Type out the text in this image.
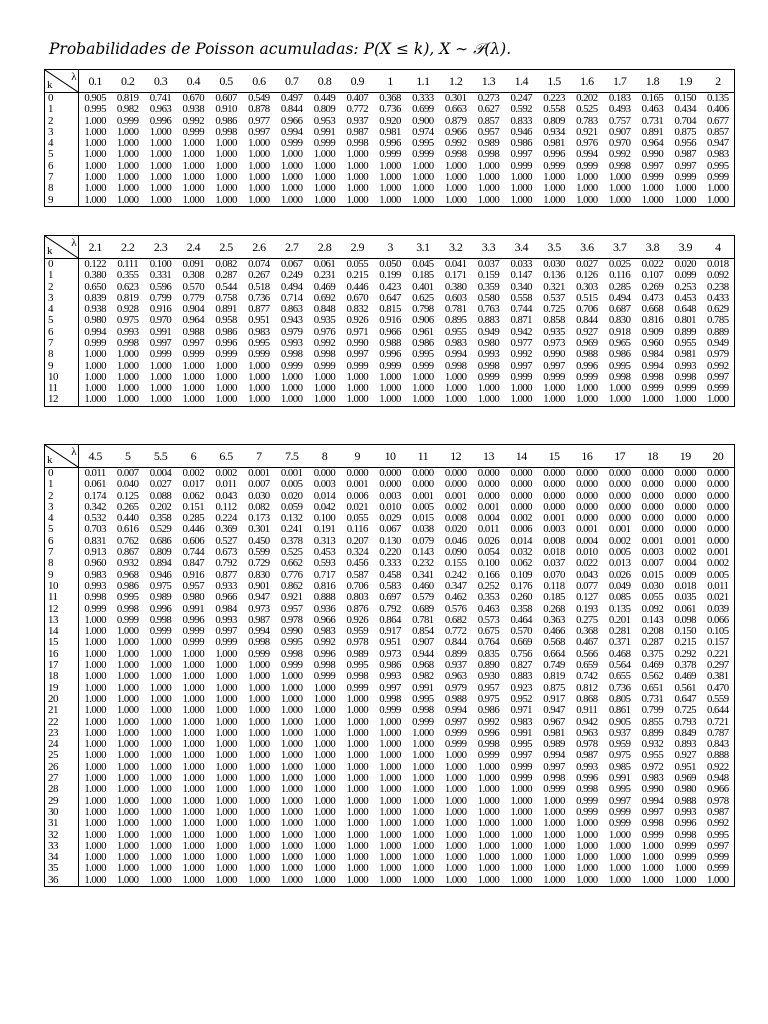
Probabilidades de Poisson acumuladas: P(X ≤ k), X ∼ 𝒫(λ).
k
λ	0.1	0.2	0.3	0.4	0.5	0.6	0.7	0.8	0.9	1	1.1	1.2	1.3	1.4	1.5	1.6	1.7	1.8	1.9	2
0	0.905	0.819	0.741	0.670	0.607	0.549	0.497	0.449	0.407	0.368	0.333	0.301	0.273	0.247	0.223	0.202	0.183	0.165	0.150	0.135
1	0.995	0.982	0.963	0.938	0.910	0.878	0.844	0.809	0.772	0.736	0.699	0.663	0.627	0.592	0.558	0.525	0.493	0.463	0.434	0.406
2	1.000	0.999	0.996	0.992	0.986	0.977	0.966	0.953	0.937	0.920	0.900	0.879	0.857	0.833	0.809	0.783	0.757	0.731	0.704	0.677
3	1.000	1.000	1.000	0.999	0.998	0.997	0.994	0.991	0.987	0.981	0.974	0.966	0.957	0.946	0.934	0.921	0.907	0.891	0.875	0.857
4	1.000	1.000	1.000	1.000	1.000	1.000	0.999	0.999	0.998	0.996	0.995	0.992	0.989	0.986	0.981	0.976	0.970	0.964	0.956	0.947
5	1.000	1.000	1.000	1.000	1.000	1.000	1.000	1.000	1.000	0.999	0.999	0.998	0.998	0.997	0.996	0.994	0.992	0.990	0.987	0.983
6	1.000	1.000	1.000	1.000	1.000	1.000	1.000	1.000	1.000	1.000	1.000	1.000	1.000	0.999	0.999	0.999	0.998	0.997	0.997	0.995
7	1.000	1.000	1.000	1.000	1.000	1.000	1.000	1.000	1.000	1.000	1.000	1.000	1.000	1.000	1.000	1.000	1.000	0.999	0.999	0.999
8	1.000	1.000	1.000	1.000	1.000	1.000	1.000	1.000	1.000	1.000	1.000	1.000	1.000	1.000	1.000	1.000	1.000	1.000	1.000	1.000
9	1.000	1.000	1.000	1.000	1.000	1.000	1.000	1.000	1.000	1.000	1.000	1.000	1.000	1.000	1.000	1.000	1.000	1.000	1.000	1.000
k
λ	2.1	2.2	2.3	2.4	2.5	2.6	2.7	2.8	2.9	3	3.1	3.2	3.3	3.4	3.5	3.6	3.7	3.8	3.9	4
0	0.122	0.111	0.100	0.091	0.082	0.074	0.067	0.061	0.055	0.050	0.045	0.041	0.037	0.033	0.030	0.027	0.025	0.022	0.020	0.018
1	0.380	0.355	0.331	0.308	0.287	0.267	0.249	0.231	0.215	0.199	0.185	0.171	0.159	0.147	0.136	0.126	0.116	0.107	0.099	0.092
2	0.650	0.623	0.596	0.570	0.544	0.518	0.494	0.469	0.446	0.423	0.401	0.380	0.359	0.340	0.321	0.303	0.285	0.269	0.253	0.238
3	0.839	0.819	0.799	0.779	0.758	0.736	0.714	0.692	0.670	0.647	0.625	0.603	0.580	0.558	0.537	0.515	0.494	0.473	0.453	0.433
4	0.938	0.928	0.916	0.904	0.891	0.877	0.863	0.848	0.832	0.815	0.798	0.781	0.763	0.744	0.725	0.706	0.687	0.668	0.648	0.629
5	0.980	0.975	0.970	0.964	0.958	0.951	0.943	0.935	0.926	0.916	0.906	0.895	0.883	0.871	0.858	0.844	0.830	0.816	0.801	0.785
6	0.994	0.993	0.991	0.988	0.986	0.983	0.979	0.976	0.971	0.966	0.961	0.955	0.949	0.942	0.935	0.927	0.918	0.909	0.899	0.889
7	0.999	0.998	0.997	0.997	0.996	0.995	0.993	0.992	0.990	0.988	0.986	0.983	0.980	0.977	0.973	0.969	0.965	0.960	0.955	0.949
8	1.000	1.000	0.999	0.999	0.999	0.999	0.998	0.998	0.997	0.996	0.995	0.994	0.993	0.992	0.990	0.988	0.986	0.984	0.981	0.979
9	1.000	1.000	1.000	1.000	1.000	1.000	0.999	0.999	0.999	0.999	0.999	0.998	0.998	0.997	0.997	0.996	0.995	0.994	0.993	0.992
10	1.000	1.000	1.000	1.000	1.000	1.000	1.000	1.000	1.000	1.000	1.000	1.000	0.999	0.999	0.999	0.999	0.998	0.998	0.998	0.997
11	1.000	1.000	1.000	1.000	1.000	1.000	1.000	1.000	1.000	1.000	1.000	1.000	1.000	1.000	1.000	1.000	1.000	0.999	0.999	0.999
12	1.000	1.000	1.000	1.000	1.000	1.000	1.000	1.000	1.000	1.000	1.000	1.000	1.000	1.000	1.000	1.000	1.000	1.000	1.000	1.000
k
λ	4.5	5	5.5	6	6.5	7	7.5	8	9	10	11	12	13	14	15	16	17	18	19	20
0	0.011	0.007	0.004	0.002	0.002	0.001	0.001	0.000	0.000	0.000	0.000	0.000	0.000	0.000	0.000	0.000	0.000	0.000	0.000	0.000
1	0.061	0.040	0.027	0.017	0.011	0.007	0.005	0.003	0.001	0.000	0.000	0.000	0.000	0.000	0.000	0.000	0.000	0.000	0.000	0.000
2	0.174	0.125	0.088	0.062	0.043	0.030	0.020	0.014	0.006	0.003	0.001	0.001	0.000	0.000	0.000	0.000	0.000	0.000	0.000	0.000
3	0.342	0.265	0.202	0.151	0.112	0.082	0.059	0.042	0.021	0.010	0.005	0.002	0.001	0.000	0.000	0.000	0.000	0.000	0.000	0.000
4	0.532	0.440	0.358	0.285	0.224	0.173	0.132	0.100	0.055	0.029	0.015	0.008	0.004	0.002	0.001	0.000	0.000	0.000	0.000	0.000
5	0.703	0.616	0.529	0.446	0.369	0.301	0.241	0.191	0.116	0.067	0.038	0.020	0.011	0.006	0.003	0.001	0.001	0.000	0.000	0.000
6	0.831	0.762	0.686	0.606	0.527	0.450	0.378	0.313	0.207	0.130	0.079	0.046	0.026	0.014	0.008	0.004	0.002	0.001	0.001	0.000
7	0.913	0.867	0.809	0.744	0.673	0.599	0.525	0.453	0.324	0.220	0.143	0.090	0.054	0.032	0.018	0.010	0.005	0.003	0.002	0.001
8	0.960	0.932	0.894	0.847	0.792	0.729	0.662	0.593	0.456	0.333	0.232	0.155	0.100	0.062	0.037	0.022	0.013	0.007	0.004	0.002
9	0.983	0.968	0.946	0.916	0.877	0.830	0.776	0.717	0.587	0.458	0.341	0.242	0.166	0.109	0.070	0.043	0.026	0.015	0.009	0.005
10	0.993	0.986	0.975	0.957	0.933	0.901	0.862	0.816	0.706	0.583	0.460	0.347	0.252	0.176	0.118	0.077	0.049	0.030	0.018	0.011
11	0.998	0.995	0.989	0.980	0.966	0.947	0.921	0.888	0.803	0.697	0.579	0.462	0.353	0.260	0.185	0.127	0.085	0.055	0.035	0.021
12	0.999	0.998	0.996	0.991	0.984	0.973	0.957	0.936	0.876	0.792	0.689	0.576	0.463	0.358	0.268	0.193	0.135	0.092	0.061	0.039
13	1.000	0.999	0.998	0.996	0.993	0.987	0.978	0.966	0.926	0.864	0.781	0.682	0.573	0.464	0.363	0.275	0.201	0.143	0.098	0.066
14	1.000	1.000	0.999	0.999	0.997	0.994	0.990	0.983	0.959	0.917	0.854	0.772	0.675	0.570	0.466	0.368	0.281	0.208	0.150	0.105
15	1.000	1.000	1.000	0.999	0.999	0.998	0.995	0.992	0.978	0.951	0.907	0.844	0.764	0.669	0.568	0.467	0.371	0.287	0.215	0.157
16	1.000	1.000	1.000	1.000	1.000	0.999	0.998	0.996	0.989	0.973	0.944	0.899	0.835	0.756	0.664	0.566	0.468	0.375	0.292	0.221
17	1.000	1.000	1.000	1.000	1.000	1.000	0.999	0.998	0.995	0.986	0.968	0.937	0.890	0.827	0.749	0.659	0.564	0.469	0.378	0.297
18	1.000	1.000	1.000	1.000	1.000	1.000	1.000	0.999	0.998	0.993	0.982	0.963	0.930	0.883	0.819	0.742	0.655	0.562	0.469	0.381
19	1.000	1.000	1.000	1.000	1.000	1.000	1.000	1.000	0.999	0.997	0.991	0.979	0.957	0.923	0.875	0.812	0.736	0.651	0.561	0.470
20	1.000	1.000	1.000	1.000	1.000	1.000	1.000	1.000	1.000	0.998	0.995	0.988	0.975	0.952	0.917	0.868	0.805	0.731	0.647	0.559
21	1.000	1.000	1.000	1.000	1.000	1.000	1.000	1.000	1.000	0.999	0.998	0.994	0.986	0.971	0.947	0.911	0.861	0.799	0.725	0.644
22	1.000	1.000	1.000	1.000	1.000	1.000	1.000	1.000	1.000	1.000	0.999	0.997	0.992	0.983	0.967	0.942	0.905	0.855	0.793	0.721
23	1.000	1.000	1.000	1.000	1.000	1.000	1.000	1.000	1.000	1.000	1.000	0.999	0.996	0.991	0.981	0.963	0.937	0.899	0.849	0.787
24	1.000	1.000	1.000	1.000	1.000	1.000	1.000	1.000	1.000	1.000	1.000	0.999	0.998	0.995	0.989	0.978	0.959	0.932	0.893	0.843
25	1.000	1.000	1.000	1.000	1.000	1.000	1.000	1.000	1.000	1.000	1.000	1.000	0.999	0.997	0.994	0.987	0.975	0.955	0.927	0.888
26	1.000	1.000	1.000	1.000	1.000	1.000	1.000	1.000	1.000	1.000	1.000	1.000	1.000	0.999	0.997	0.993	0.985	0.972	0.951	0.922
27	1.000	1.000	1.000	1.000	1.000	1.000	1.000	1.000	1.000	1.000	1.000	1.000	1.000	0.999	0.998	0.996	0.991	0.983	0.969	0.948
28	1.000	1.000	1.000	1.000	1.000	1.000	1.000	1.000	1.000	1.000	1.000	1.000	1.000	1.000	0.999	0.998	0.995	0.990	0.980	0.966
29	1.000	1.000	1.000	1.000	1.000	1.000	1.000	1.000	1.000	1.000	1.000	1.000	1.000	1.000	1.000	0.999	0.997	0.994	0.988	0.978
30	1.000	1.000	1.000	1.000	1.000	1.000	1.000	1.000	1.000	1.000	1.000	1.000	1.000	1.000	1.000	0.999	0.999	0.997	0.993	0.987
31	1.000	1.000	1.000	1.000	1.000	1.000	1.000	1.000	1.000	1.000	1.000	1.000	1.000	1.000	1.000	1.000	0.999	0.998	0.996	0.992
32	1.000	1.000	1.000	1.000	1.000	1.000	1.000	1.000	1.000	1.000	1.000	1.000	1.000	1.000	1.000	1.000	1.000	0.999	0.998	0.995
33	1.000	1.000	1.000	1.000	1.000	1.000	1.000	1.000	1.000	1.000	1.000	1.000	1.000	1.000	1.000	1.000	1.000	1.000	0.999	0.997
34	1.000	1.000	1.000	1.000	1.000	1.000	1.000	1.000	1.000	1.000	1.000	1.000	1.000	1.000	1.000	1.000	1.000	1.000	0.999	0.999
35	1.000	1.000	1.000	1.000	1.000	1.000	1.000	1.000	1.000	1.000	1.000	1.000	1.000	1.000	1.000	1.000	1.000	1.000	1.000	0.999
36	1.000	1.000	1.000	1.000	1.000	1.000	1.000	1.000	1.000	1.000	1.000	1.000	1.000	1.000	1.000	1.000	1.000	1.000	1.000	1.000
